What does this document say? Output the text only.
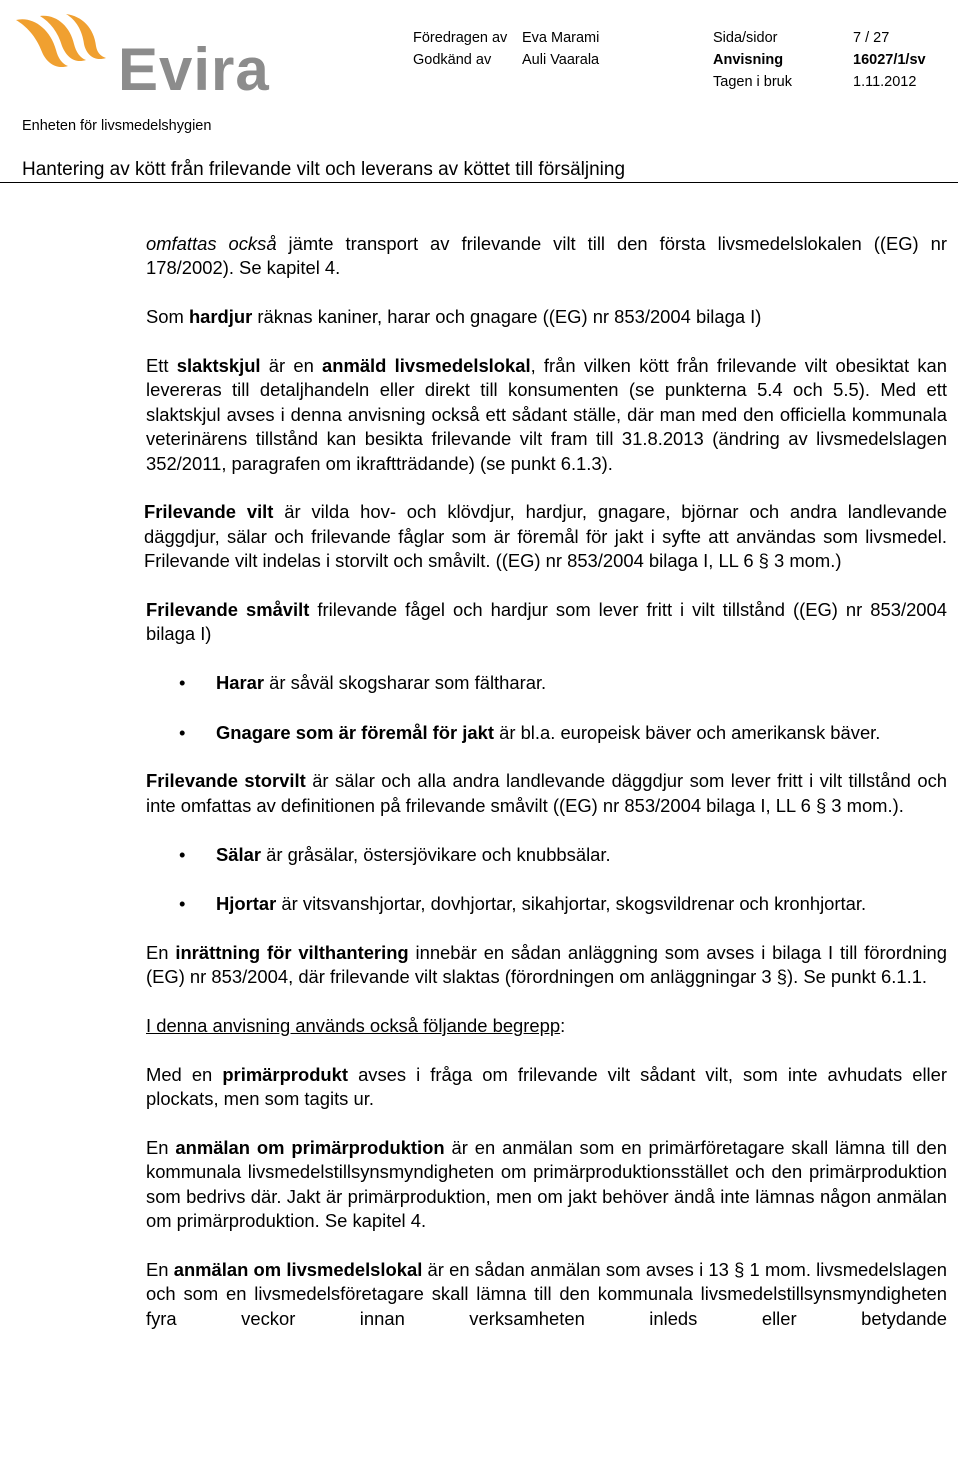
Evira	Föredragen av Eva Marami	Sida/sidor	7 / 27
Godkänd av Auli Vaarala	Anvisning	16027/1/sv
Tagen i bruk	1.11.2012
Enheten för livsmedelshygien
Hantering av kött från frilevande vilt och leverans av köttet till försäljning

omfattas också jämte transport av frilevande vilt till den första livsmedelslokalen ((EG) nr 178/2002). Se kapitel 4.

Som hardjur räknas kaniner, harar och gnagare ((EG) nr 853/2004 bilaga I)

Ett slaktskjul är en anmäld livsmedelslokal, från vilken kött från frilevande vilt obesiktat kan levereras till detaljhandeln eller direkt till konsumenten (se punkterna 5.4 och 5.5). Med ett slaktskjul avses i denna anvisning också ett sådant ställe, där man med den officiella kommunala veterinärens tillstånd kan besikta frilevande vilt fram till 31.8.2013 (ändring av livsmedelslagen 352/2011, paragrafen om ikraftträdande) (se punkt 6.1.3).

Frilevande vilt är vilda hov- och klövdjur, hardjur, gnagare, björnar och andra landlevande däggdjur, sälar och frilevande fåglar som är föremål för jakt i syfte att användas som livsmedel. Frilevande vilt indelas i storvilt och småvilt. ((EG) nr 853/2004 bilaga I, LL 6 § 3 mom.)

Frilevande småvilt frilevande fågel och hardjur som lever fritt i vilt tillstånd ((EG) nr 853/2004 bilaga I)

• Harar är såväl skogsharar som fältharar.
• Gnagare som är föremål för jakt är bl.a. europeisk bäver och amerikansk bäver.

Frilevande storvilt är sälar och alla andra landlevande däggdjur som lever fritt i vilt tillstånd och inte omfattas av definitionen på frilevande småvilt ((EG) nr 853/2004 bilaga I, LL 6 § 3 mom.).

• Sälar är gråsälar, östersjövikare och knubbsälar.
• Hjortar är vitsvanshjortar, dovhjortar, sikahjortar, skogsvildrenar och kronhjortar.

En inrättning för vilthantering innebär en sådan anläggning som avses i bilaga I till förordning (EG) nr 853/2004, där frilevande vilt slaktas (förordningen om anläggningar 3 §). Se punkt 6.1.1.

I denna anvisning används också följande begrepp:

Med en primärprodukt avses i fråga om frilevande vilt sådant vilt, som inte avhudats eller plockats, men som tagits ur.

En anmälan om primärproduktion är en anmälan som en primärföretagare skall lämna till den kommunala livsmedelstillsynsmyndigheten om primärproduktionsstället och den primärproduktion som bedrivs där. Jakt är primärproduktion, men om jakt behöver ändå inte lämnas någon anmälan om primärproduktion. Se kapitel 4.

En anmälan om livsmedelslokal är en sådan anmälan som avses i 13 § 1 mom. livsmedelslagen och som en livsmedelsföretagare skall lämna till den kommunala livsmedelstillsynsmyndigheten fyra veckor innan verksamheten inleds eller betydande
